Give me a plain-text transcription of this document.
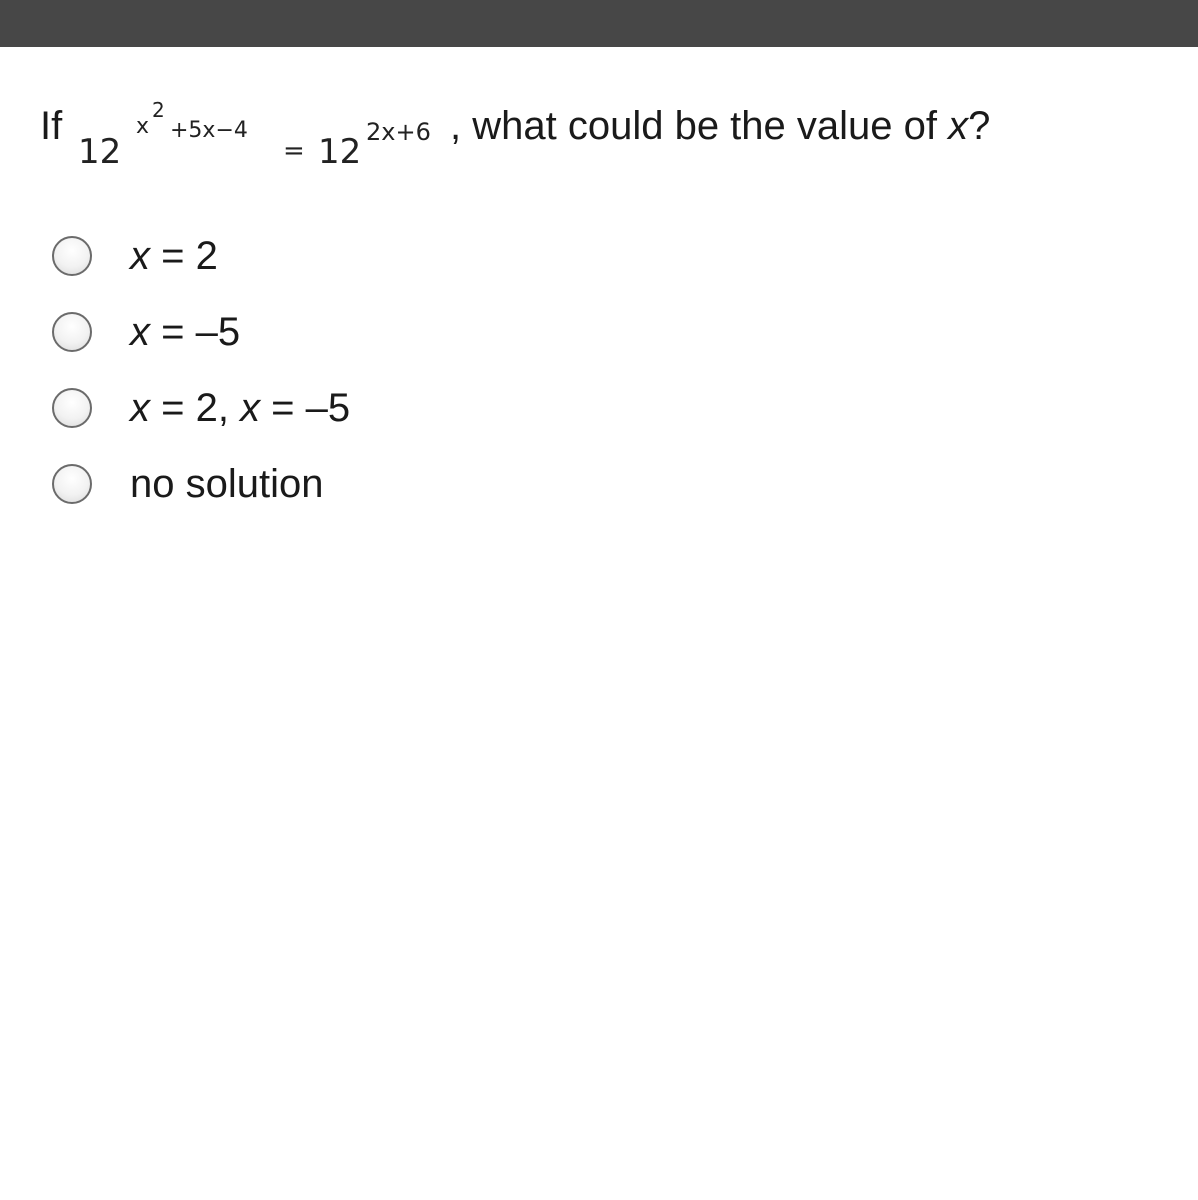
If
12
x
2
+5x−4
= 12 2x+6 , what could be the value of x?
x = 2
x = –5
x = 2, x = –5
no solution
